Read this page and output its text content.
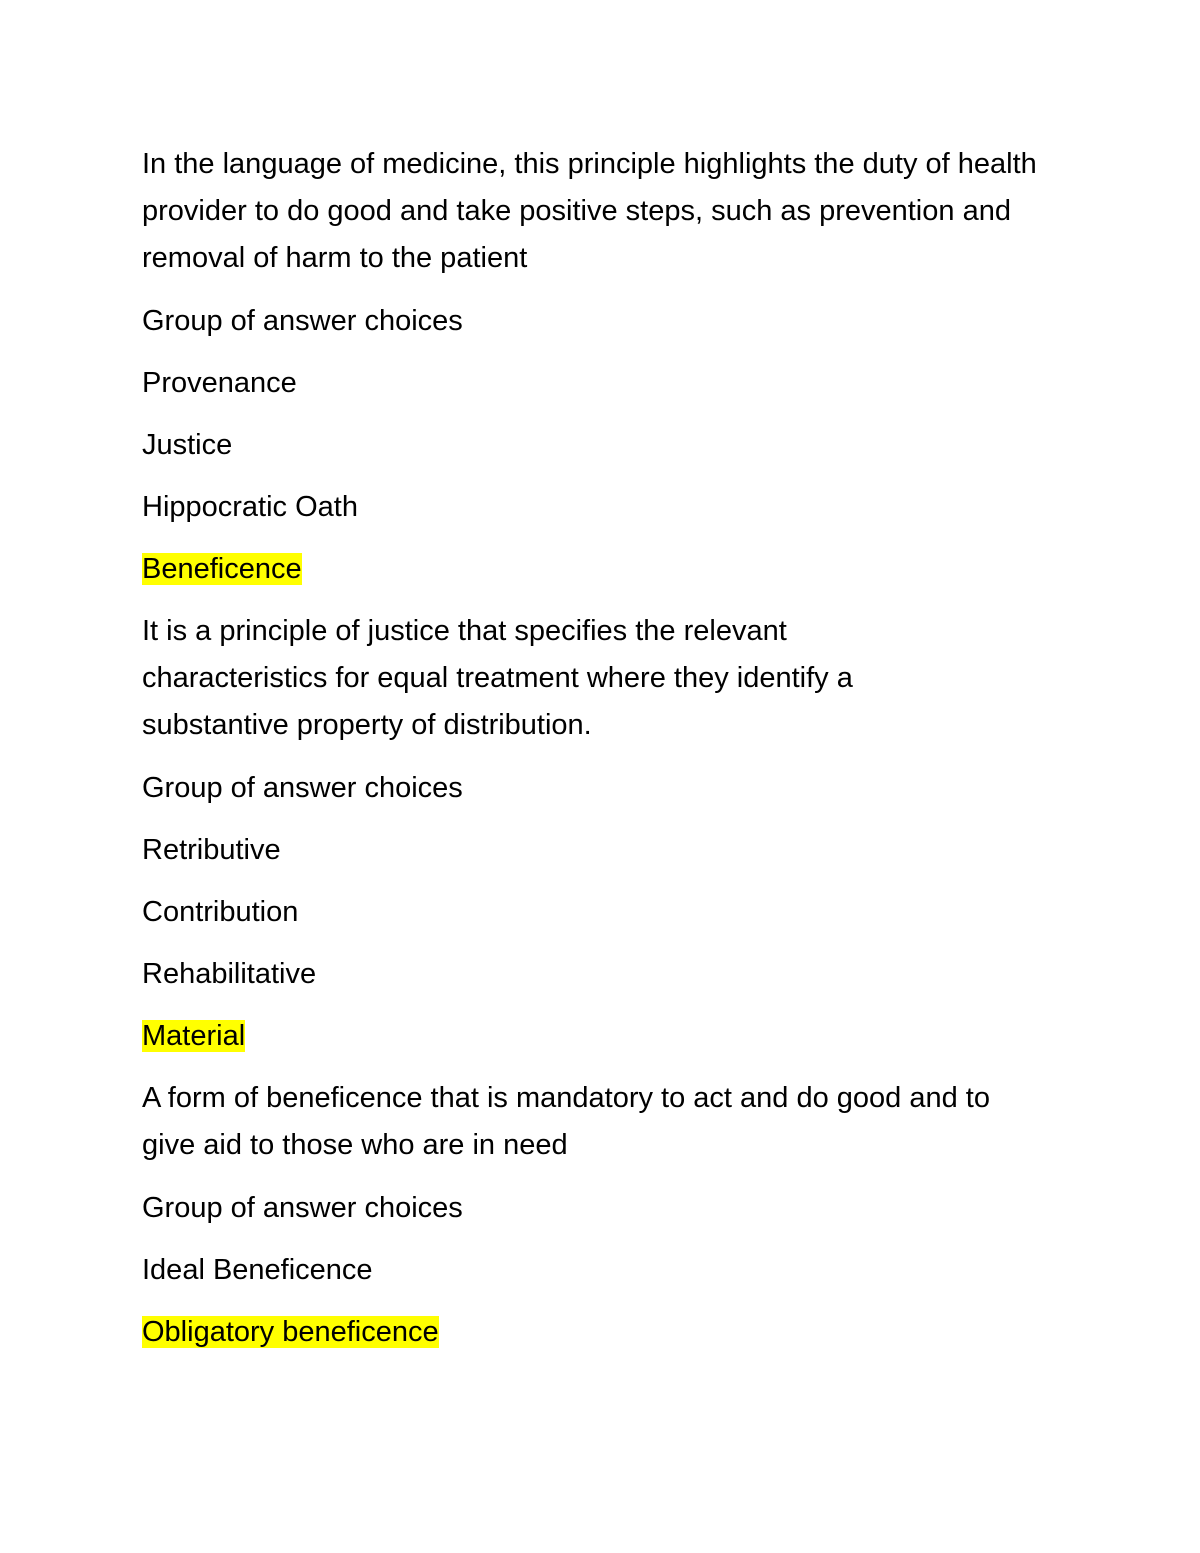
In the language of medicine, this principle highlights the duty of health provider to do good and take positive steps, such as prevention and removal of harm to the patient

Group of answer choices

Provenance

Justice

Hippocratic Oath

Beneficence

It is a principle of justice that specifies the relevant characteristics for equal treatment where they identify a substantive property of distribution.

Group of answer choices

Retributive

Contribution

Rehabilitative

Material

A form of beneficence that is mandatory to act and do good and to give aid to those who are in need

Group of answer choices

Ideal Beneficence

Obligatory beneficence
